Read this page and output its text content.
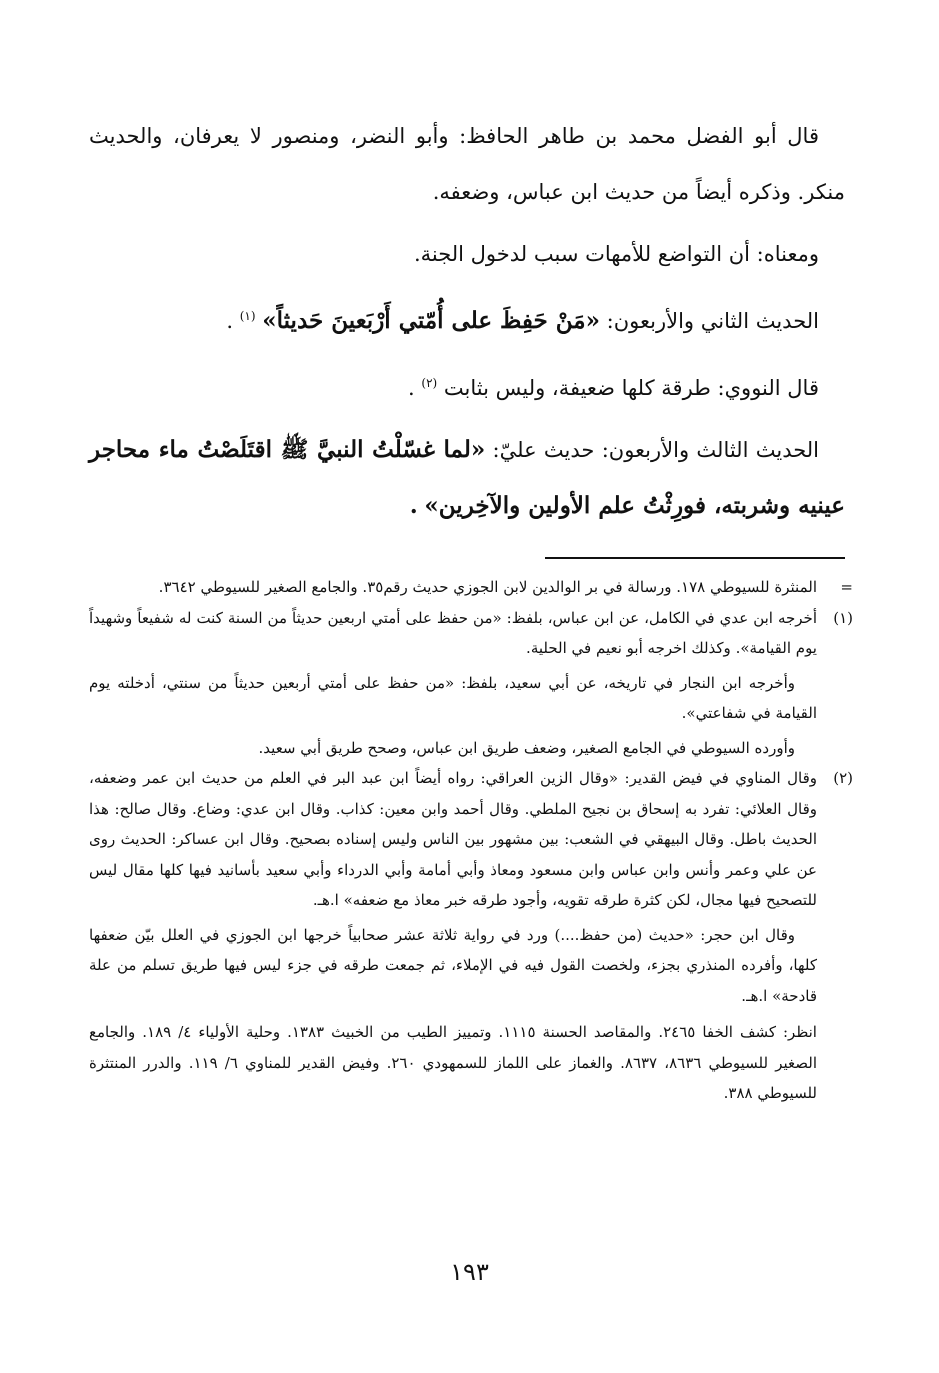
قال أبو الفضل محمد بن طاهر الحافظ: وأبو النضر، ومنصور لا يعرفان، والحديث منكر. وذكره أيضاً من حديث ابن عباس، وضعفه.

ومعناه: أن التواضع للأمهات سبب لدخول الجنة.

الحديث الثاني والأربعون: «مَنْ حَفِظَ على أُمّتي أَرْبَعينَ حَديثاً» $^{(١)}$ .

قال النووي: طرقة كلها ضعيفة، وليس بثابت $^{(٢)}$ .

الحديث الثالث والأربعون: حديث عليّ: «لما غسّلْتُ النبيَّ ﷺ اقتَلَصْتُ ماء محاجر عينيه وشربته، فورِثْتُ علم الأولين والآخِرين» .

=

المنثرة للسيوطي ١٧٨. ورسالة في بر الوالدين لابن الجوزي حديث رقم٣٥. والجامع الصغير للسيوطي ٣٦٤٢.

(١)

أخرجه ابن عدي في الكامل، عن ابن عباس، بلفظ: «من حفظ على أمتي اربعين حديثاً من السنة كنت له شفيعاً وشهيداً يوم القيامة». وكذلك اخرجه أبو نعيم في الحلية.

وأخرجه ابن النجار في تاريخه، عن أبي سعيد، بلفظ: «من حفظ على أمتي أربعين حديثاً من سنتي، أدخلته يوم القيامة في شفاعتي».

وأورده السيوطي في الجامع الصغير، وضعف طريق ابن عباس، وصحح طريق أبي سعيد.

(٢)

وقال المناوي في فيض القدير: «وقال الزين العراقي: رواه أيضاً ابن عبد البر في العلم من حديث ابن عمر وضعفه، وقال العلائي: تفرد به إسحاق بن نجيح الملطي. وقال أحمد وابن معين: كذاب. وقال ابن عدي: وضاع. وقال صالح: هذا الحديث باطل. وقال البيهقي في الشعب: بين مشهور بين الناس وليس إسناده بصحيح. وقال ابن عساكر: الحديث روى عن علي وعمر وأنس وابن عباس وابن مسعود ومعاذ وأبي أمامة وأبي الدرداء وأبي سعيد بأسانيد فيها كلها مقال ليس للتصحيح فيها مجال، لكن كثرة طرقه تقويه، وأجود طرقه خبر معاذ مع ضعفه» ا.هـ.

وقال ابن حجر: «حديث (من حفظ....) ورد في رواية ثلاثة عشر صحابياً خرجها ابن الجوزي في العلل بيّن ضعفها كلها، وأفرده المنذري بجزء، ولخصت القول فيه في الإملاء، ثم جمعت طرقه في جزء ليس فيها طريق تسلم من علة قادحة» ا.هـ.

انظر: كشف الخفا ٢٤٦٥. والمقاصد الحسنة ١١١٥. وتمييز الطيب من الخبيث ١٣٨٣. وحلية الأولياء ٤/ ١٨٩. والجامع الصغير للسيوطي ٨٦٣٦، ٨٦٣٧. والغماز على اللماز للسمهودي ٢٦٠. وفيض القدير للمناوي ٦/ ١١٩. والدرر المنتثرة للسيوطي ٣٨٨.

١٩٣
